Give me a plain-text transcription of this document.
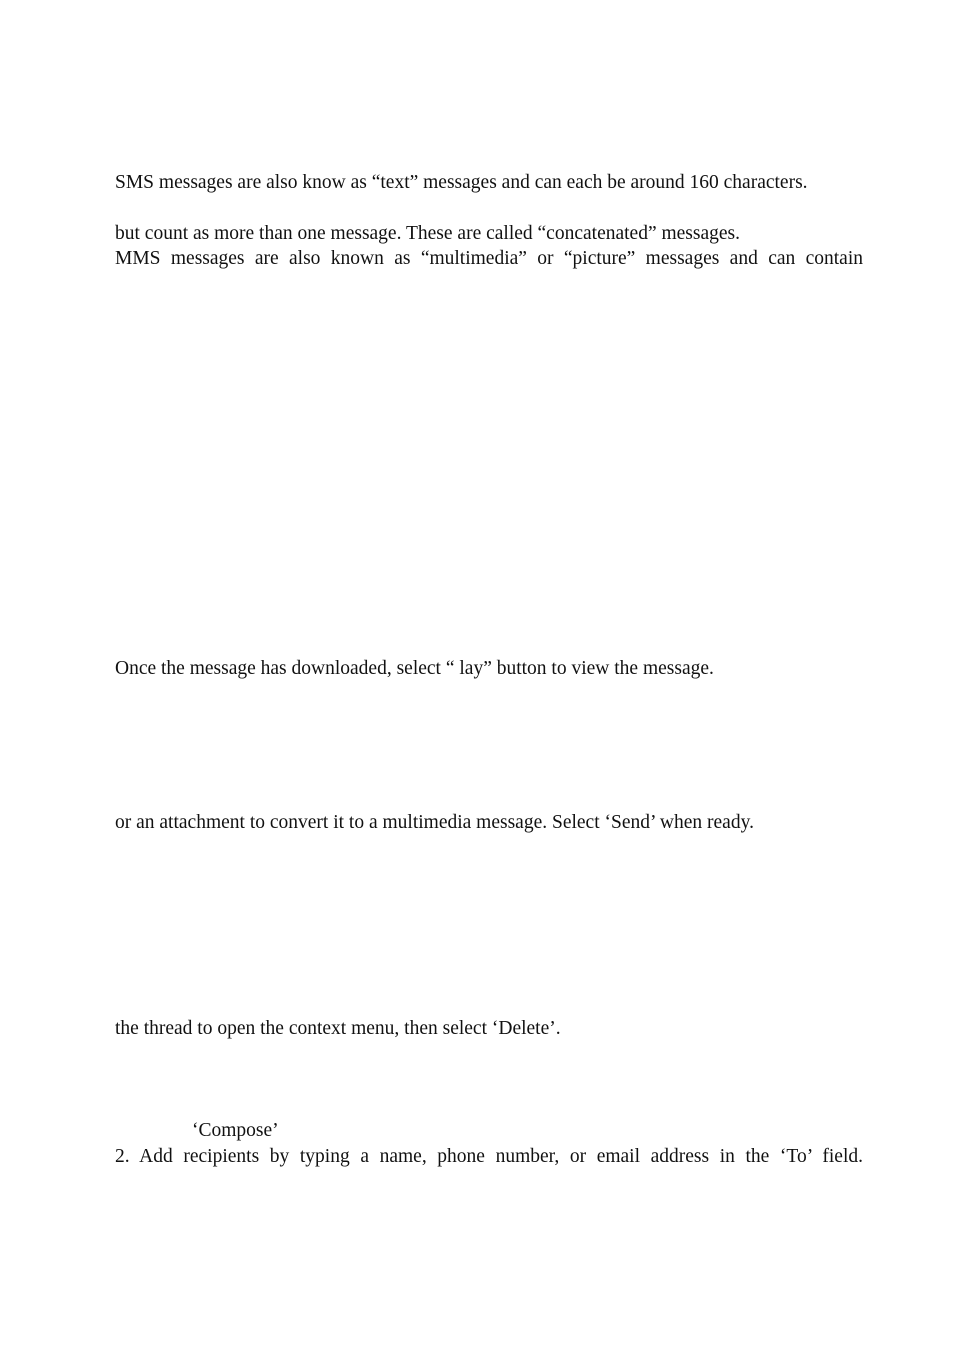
SMS messages are also know as “text” messages and can each be around 160 characters.
but count as more than one message. These are called “concatenated” messages.
MMS messages are also known as “multimedia” or “picture” messages and can contain
Once the message has downloaded, select “ lay” button to view the message.
or an attachment to convert it to a multimedia message. Select ‘Send’ when ready.
the thread to open the context menu, then select ‘Delete’.
‘Compose’
2. Add recipients by typing a name, phone number, or email address in the ‘To’ field.
